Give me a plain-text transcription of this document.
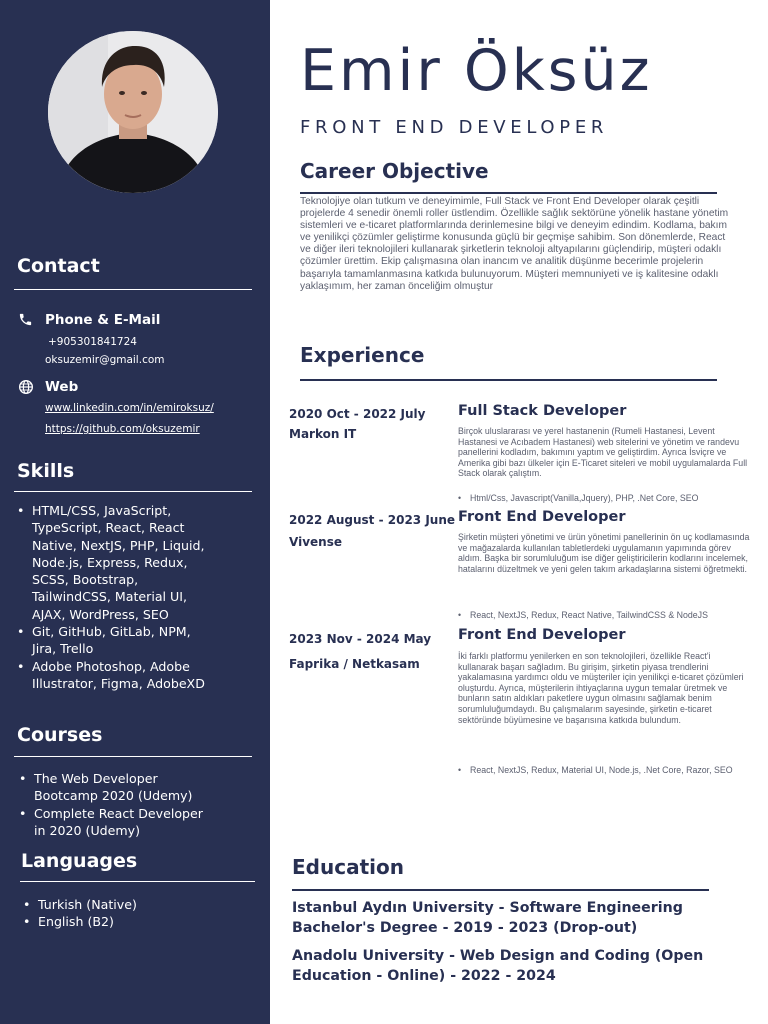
Contact
Phone & E-Mail
+905301841724
oksuzemir@gmail.com
Web
www.linkedin.com/in/emiroksuz/
https://github.com/oksuzemir
Skills
• HTML/CSS, JavaScript, TypeScript, React, React Native, NextJS, PHP, Liquid, Node.js, Express, Redux, SCSS, Bootstrap, TailwindCSS, Material UI, AJAX, WordPress, SEO
• Git, GitHub, GitLab, NPM, Jira, Trello
• Adobe Photoshop, Adobe Illustrator, Figma, AdobeXD
Courses
• The Web Developer Bootcamp 2020 (Udemy)
• Complete React Developer in 2020 (Udemy)
Languages
• Turkish (Native)
• English (B2)
Emir Öksüz
FRONT END DEVELOPER
Career Objective
Teknolojiye olan tutkum ve deneyimimle, Full Stack ve Front End Developer olarak çeşitli projelerde 4 senedir önemli roller üstlendim. Özellikle sağlık sektörüne yönelik hastane yönetim sistemleri ve e-ticaret platformlarında derinlemesine bilgi ve deneyim edindim. Kodlama, bakım ve yenilikçi çözümler geliştirme konusunda güçlü bir geçmişe sahibim. Son dönemlerde, React ve diğer ileri teknolojileri kullanarak şirketlerin teknoloji altyapılarını güçlendirip, müşteri odaklı çözümler ürettim. Ekip çalışmasına olan inancım ve analitik düşünme becerimle projelerin başarıyla tamamlanmasına katkıda bulunuyorum. Müşteri memnuniyeti ve iş kalitesine odaklı yaklaşımım, her zaman önceliğim olmuştur
Experience
2020 Oct - 2022 July
Markon IT
Full Stack Developer
Birçok uluslararası ve yerel hastanenin (Rumeli Hastanesi, Levent Hastanesi ve Acıbadem Hastanesi) web sitelerini ve yönetim ve randevu panellerini kodladım, bakımını yaptım ve geliştirdim. Ayrıca İsviçre ve Amerika gibi bazı ülkeler için E-Ticaret siteleri ve mobil uygulamalarda Full Stack olarak çalıştım.
• Html/Css, Javascript(Vanilla,Jquery), PHP, .Net Core, SEO
2022 August - 2023 June
Vivense
Front End Developer
Şirketin müşteri yönetimi ve ürün yönetimi panellerinin ön uç kodlamasında ve mağazalarda kullanılan tabletlerdeki uygulamanın yapımında görev aldım. Başka bir sorumluluğum ise diğer geliştiricilerin kodlarını incelemek, hatalarını düzeltmek ve yeni gelen takım arkadaşlarına sistemi öğretmekti.
• React, NextJS, Redux, React Native, TailwindCSS & NodeJS
2023 Nov - 2024 May
Faprika / Netkasam
Front End Developer
İki farklı platformu yenilerken en son teknolojileri, özellikle React'i kullanarak başarı sağladım. Bu girişim, şirketin piyasa trendlerini yakalamasına yardımcı oldu ve müşteriler için yenilikçi e-ticaret çözümleri oluşturdu. Ayrıca, müşterilerin ihtiyaçlarına uygun temalar üretmek ve bunların satın aldıkları paketlere uygun olmasını sağlamak benim sorumluluğumdaydı. Bu çalışmalarım sayesinde, şirketin e-ticaret sektöründe büyümesine ve başarısına katkıda bulundum.
• React, NextJS, Redux, Material UI, Node.js, .Net Core, Razor, SEO
Education
Istanbul Aydın University - Software Engineering Bachelor's Degree - 2019 - 2023 (Drop-out)
Anadolu University - Web Design and Coding (Open Education - Online) - 2022 - 2024
